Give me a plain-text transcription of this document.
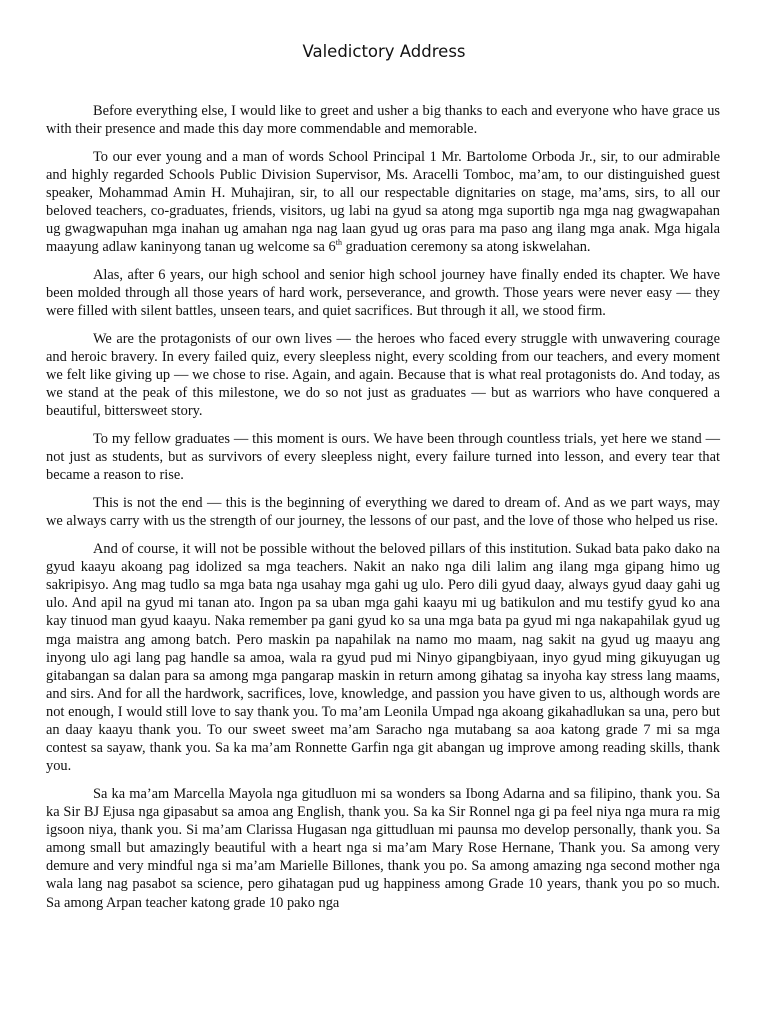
Valedictory Address

Before everything else, I would like to greet and usher a big thanks to each and everyone who have grace us with their presence and made this day more commendable and memorable.

To our ever young and a man of words School Principal 1 Mr. Bartolome Orboda Jr., sir, to our admirable and highly regarded Schools Public Division Supervisor, Ms. Aracelli Tomboc, ma’am, to our distinguished guest speaker, Mohammad Amin H. Muhajiran, sir, to all our respectable dignitaries on stage, ma’ams, sirs, to all our beloved teachers, co-graduates, friends, visitors, ug labi na gyud sa atong mga suportib nga mga nag gwagwapahan ug gwagwapuhan mga inahan ug amahan nga nag laan gyud ug oras para ma paso ang ilang mga anak. Mga higala maayung adlaw kaninyong tanan ug welcome sa 6th graduation ceremony sa atong iskwelahan.

Alas, after 6 years, our high school and senior high school journey have finally ended its chapter. We have been molded through all those years of hard work, perseverance, and growth. Those years were never easy — they were filled with silent battles, unseen tears, and quiet sacrifices. But through it all, we stood firm.

We are the protagonists of our own lives — the heroes who faced every struggle with unwavering courage and heroic bravery. In every failed quiz, every sleepless night, every scolding from our teachers, and every moment we felt like giving up — we chose to rise. Again, and again. Because that is what real protagonists do. And today, as we stand at the peak of this milestone, we do so not just as graduates — but as warriors who have conquered a beautiful, bittersweet story.

To my fellow graduates — this moment is ours. We have been through countless trials, yet here we stand — not just as students, but as survivors of every sleepless night, every failure turned into lesson, and every tear that became a reason to rise.

This is not the end — this is the beginning of everything we dared to dream of. And as we part ways, may we always carry with us the strength of our journey, the lessons of our past, and the love of those who helped us rise.

And of course, it will not be possible without the beloved pillars of this institution. Sukad bata pako dako na gyud kaayu akoang pag idolized sa mga teachers. Nakit an nako nga dili lalim ang ilang mga gipang himo ug sakripisyo. Ang mag tudlo sa mga bata nga usahay mga gahi ug ulo. Pero dili gyud daay, always gyud daay gahi ug ulo. And apil na gyud mi tanan ato. Ingon pa sa uban mga gahi kaayu mi ug batikulon and mu testify gyud ko ana kay tinuod man gyud kaayu. Naka remember pa gani gyud ko sa una mga bata pa gyud mi nga nakapahilak gyud ug mga maistra ang among batch. Pero maskin pa napahilak na namo mo maam, nag sakit na gyud ug maayu ang inyong ulo agi lang pag handle sa amoa, wala ra gyud pud mi Ninyo gipangbiyaan, inyo gyud ming gikuyugan ug gitabangan sa dalan para sa among mga pangarap maskin in return among gihatag sa inyoha kay stress lang maams, and sirs. And for all the hardwork, sacrifices, love, knowledge, and passion you have given to us, although words are not enough, I would still love to say thank you. To ma’am Leonila Umpad nga akoang gikahadlukan sa una, pero but an daay kaayu thank you. To our sweet sweet ma’am Saracho nga mutabang sa aoa katong grade 7 mi sa mga contest sa sayaw, thank you. Sa ka ma’am Ronnette Garfin nga git abangan ug improve among reading skills, thank you.

Sa ka ma’am Marcella Mayola nga gitudluon mi sa wonders sa Ibong Adarna and sa filipino, thank you. Sa ka Sir BJ Ejusa nga gipasabut sa amoa ang English, thank you. Sa ka Sir Ronnel nga gi pa feel niya nga mura ra mig igsoon niya, thank you. Si ma’am Clarissa Hugasan nga gittudluan mi paunsa mo develop personally, thank you. Sa among small but amazingly beautiful with a heart nga si ma’am Mary Rose Hernane, Thank you. Sa among very demure and very mindful nga si ma’am Marielle Billones, thank you po. Sa among amazing nga second mother nga wala lang nag pasabot sa science, pero gihatagan pud ug happiness among Grade 10 years, thank you po so much. Sa among Arpan teacher katong grade 10 pako nga
